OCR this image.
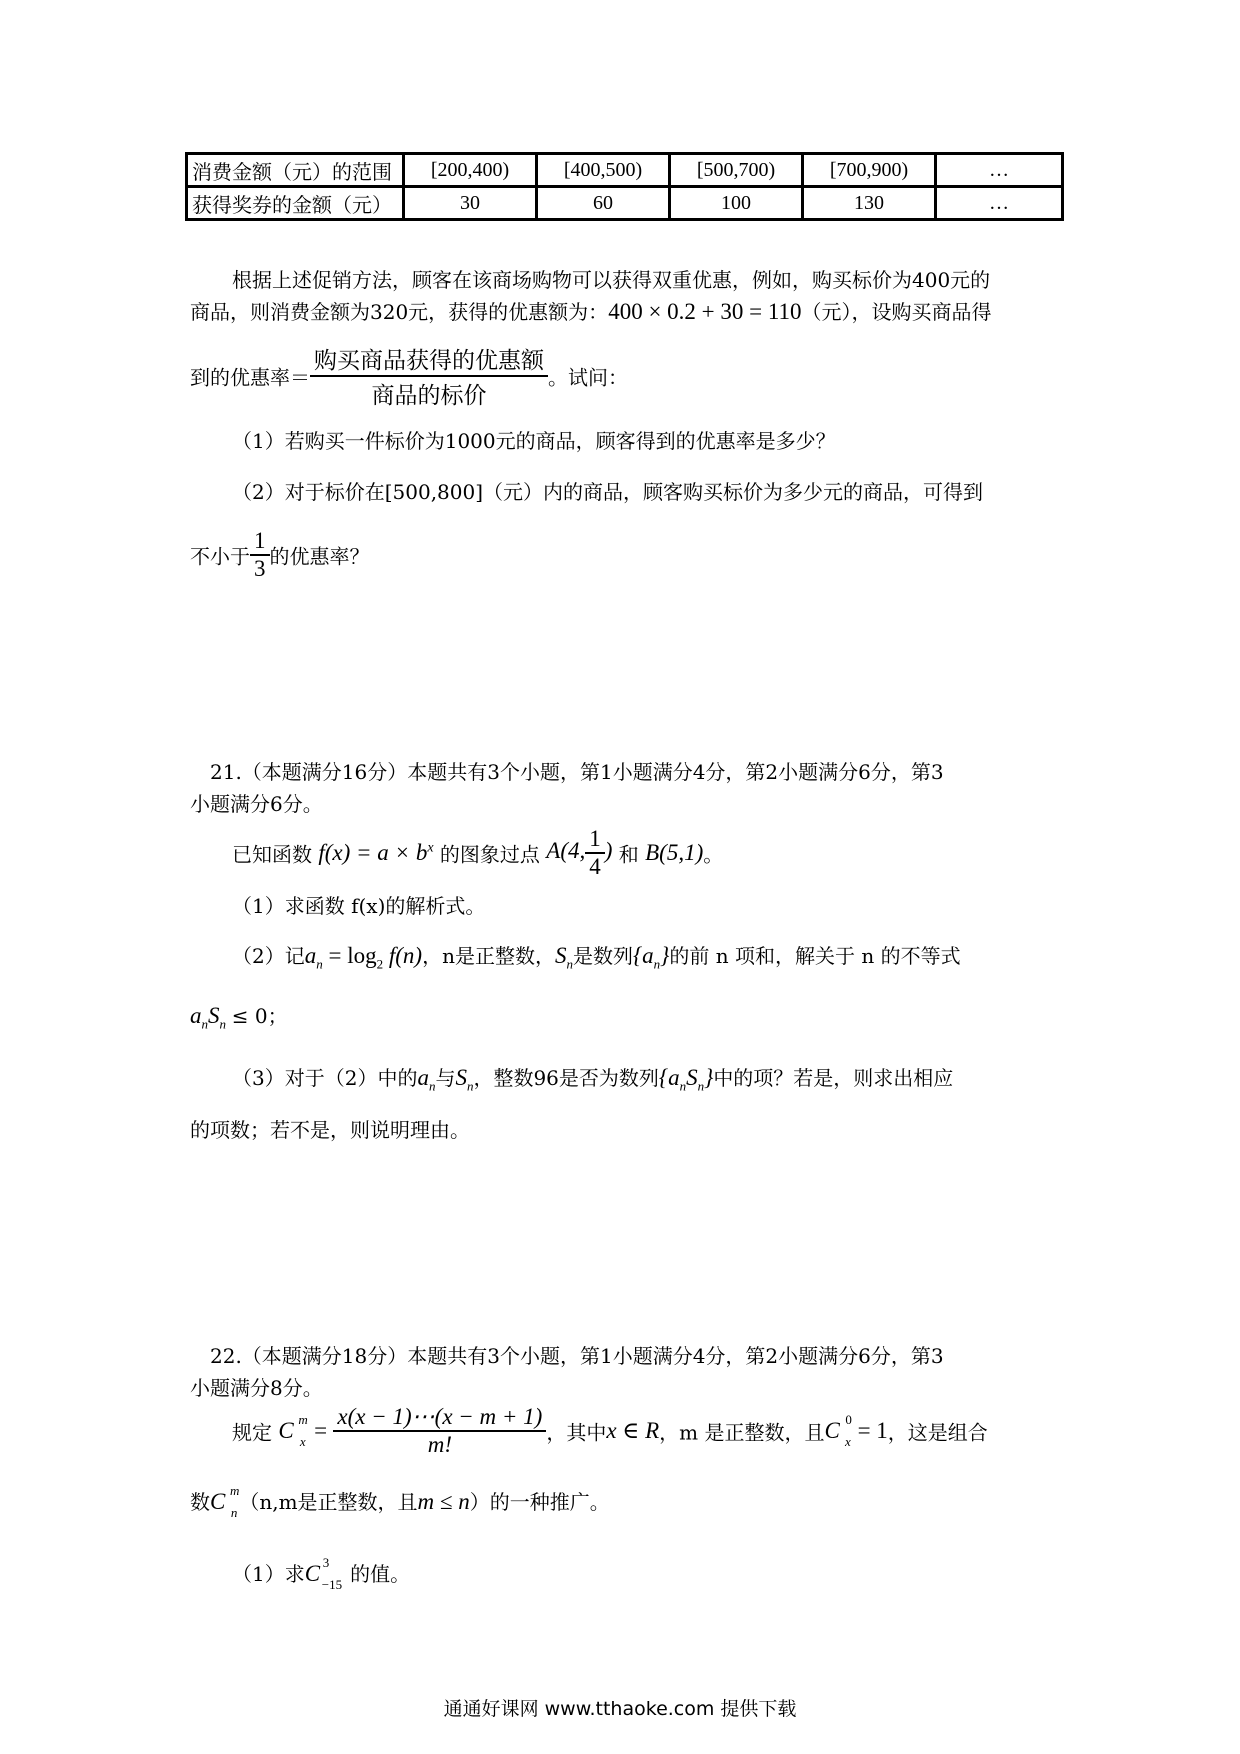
消费金额（元）的范围	[200,400)	[400,500)	[500,700)	[700,900)	…
获得奖券的金额（元）	30	60	100	130	…
根据上述促销方法，顾客在该商场购物可以获得双重优惠，例如，购买标价为400元的
商品，则消费金额为320元，获得的优惠额为：400 × 0.2 + 30 = 110（元），设购买商品得
到的优惠率＝ $\frac{\text{购买商品获得的优惠额}}{\text{商品的标价}}$ 。试问：
（1）若购买一件标价为1000元的商品，顾客得到的优惠率是多少？
（2）对于标价在[500,800]（元）内的商品，顾客购买标价为多少元的商品，可得到
不小于 $\frac{1}{3}$ 的优惠率？
21.（本题满分16分）本题共有3个小题，第1小题满分4分，第2小题满分6分，第3
小题满分6分。
已知函数 $f(x) = a \times b^x$ 的图象过点 A(4, $\frac{1}{4}$ ) 和 B(5,1)。
（1）求函数 f(x)的解析式。
（2）记$a_n = \log_2 f(n)$，n是正整数，$S_n$是数列$\{a_n\}$的前 n 项和，解关于 n 的不等式
$a_nS_n \le 0$；
（3）对于（2）中的$a_n$与$S_n$，整数96是否为数列$\{a_nS_n\}$中的项？若是，则求出相应
的项数；若不是，则说明理由。
22.（本题满分18分）本题共有3个小题，第1小题满分4分，第2小题满分6分，第3
小题满分8分。
规定 C m
$x = \frac{x(x - 1)\cdots(x - m + 1)}{m!}$ ，其中x ∈ R，m 是正整数，且C 0
x = 1，这是组合
数C m
n （n,m是正整数，且m ≤ n）的一种推广。
（1）求C 3
−15 的值。
通通好课网 www.tthaoke.com 提供下载
